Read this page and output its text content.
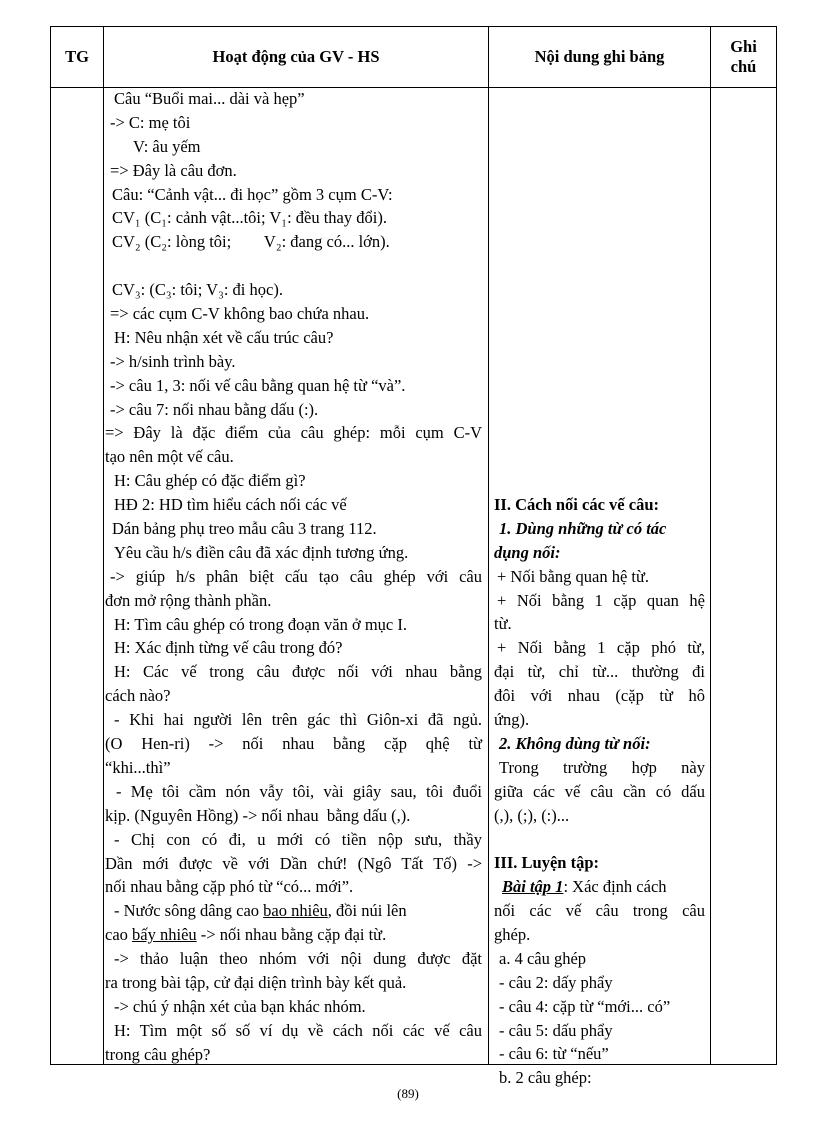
TG	Hoạt động của GV - HS	Nội dung ghi bảng
Ghi chú
Câu “Buổi mai... dài và hẹp”
-> C: mẹ tôi
V: âu yếm
=> Đây là câu đơn.
Câu: “Cảnh vật... đi học” gồm 3 cụm C-V:
CV₁ (C₁: cảnh vật...tôi; V₁: đều thay đổi).
CV₂ (C₂: lòng tôi;        V₂: đang có... lớn).
CV₃: (C₃: tôi; V₃: đi học).
=> các cụm C-V không bao chứa nhau.
H: Nêu nhận xét về cấu trúc câu?
-> h/sinh trình bày.
-> câu 1, 3: nối vế câu bằng quan hệ từ “và”.
-> câu 7: nối nhau bằng dấu (:).
=> Đây là đặc điểm của câu ghép: mỗi cụm C-V
tạo nên một vế câu.
H: Câu ghép có đặc điểm gì?
HĐ 2: HD tìm hiểu cách nối các vế
Dán bảng phụ treo mẫu câu 3 trang 112.
Yêu cầu h/s điền câu đã xác định tương ứng.
-> giúp h/s phân biệt cấu tạo câu ghép với câu
đơn mở rộng thành phần.
H: Tìm câu ghép có trong đoạn văn ở mục I.
H: Xác định từng vế câu trong đó?
H: Các vế trong câu được nối với nhau bằng
cách nào?
- Khi hai người lên trên gác thì Giôn-xi đã ngủ.
(O Hen-ri) -> nối nhau bằng cặp qhệ từ
“khi...thì”
- Mẹ tôi cầm nón vẫy tôi, vài giây sau, tôi đuổi
kịp. (Nguyên Hồng) -> nối nhau  bằng dấu (,).
- Chị con có đi, u mới có tiền nộp sưu, thầy
Dần mới được về với Dần chứ! (Ngô Tất Tố) ->
nối nhau bằng cặp phó từ “có... mới”.
- Nước sông dâng cao bao nhiêu, đồi núi lên
cao bấy nhiêu -> nối nhau bằng cặp đại từ.
-> thảo luận theo nhóm với nội dung được đặt
ra trong bài tập, cử đại diện trình bày kết quả.
-> chú ý nhận xét của bạn khác nhóm.
H: Tìm một số số ví dụ về cách nối các vế câu
trong câu ghép?
II. Cách nối các vế câu:
1. Dùng những từ có tác
dụng nối:
+ Nối bằng quan hệ từ.
+ Nối bằng 1 cặp quan hệ
từ.
+ Nối bằng 1 cặp phó từ,
đại từ, chỉ từ... thường đi
đôi với nhau (cặp từ hô
ứng).
2. Không dùng từ nối:
Trong trường hợp này
giữa các vế câu cần có dấu
(,), (;), (:)...
III. Luyện tập:
Bài tập 1: Xác định cách
nối các vế câu trong câu
ghép.
a. 4 câu ghép
- câu 2: dấy phẩy
- câu 4: cặp từ “mới... có”
- câu 5: dấu phẩy
- câu 6: từ “nếu”
b. 2 câu ghép:
(89)
